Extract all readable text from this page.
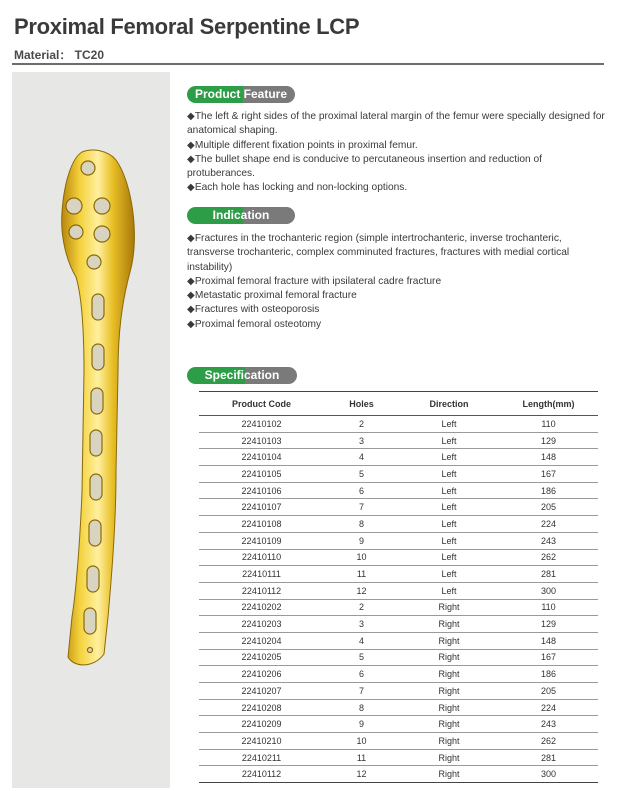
Proximal Femoral Serpentine LCP
Material： TC20
Product Feature
◆The left & right sides of the proximal lateral margin of the femur were specially designed for anatomical shaping.
◆Multiple different fixation points in proximal femur.
◆The bullet shape end is conducive to percutaneous insertion and reduction of protuberances.
◆Each hole has locking and non-locking options.
Indication
◆Fractures in the trochanteric region (simple intertrochanteric, inverse trochanteric, transverse trochanteric, complex comminuted fractures, fractures with medial cortical instability)
◆Proximal femoral fracture with ipsilateral cadre fracture
◆Metastatic proximal femoral fracture
◆Fractures with osteoporosis
◆Proximal femoral osteotomy
Specification
Product Code	Holes	Direction	Length(mm)
22410102	2	Left	110
22410103	3	Left	129
22410104	4	Left	148
22410105	5	Left	167
22410106	6	Left	186
22410107	7	Left	205
22410108	8	Left	224
22410109	9	Left	243
22410110	10	Left	262
22410111	11	Left	281
22410112	12	Left	300
22410202	2	Right	110
22410203	3	Right	129
22410204	4	Right	148
22410205	5	Right	167
22410206	6	Right	186
22410207	7	Right	205
22410208	8	Right	224
22410209	9	Right	243
22410210	10	Right	262
22410211	11	Right	281
22410112	12	Right	300
